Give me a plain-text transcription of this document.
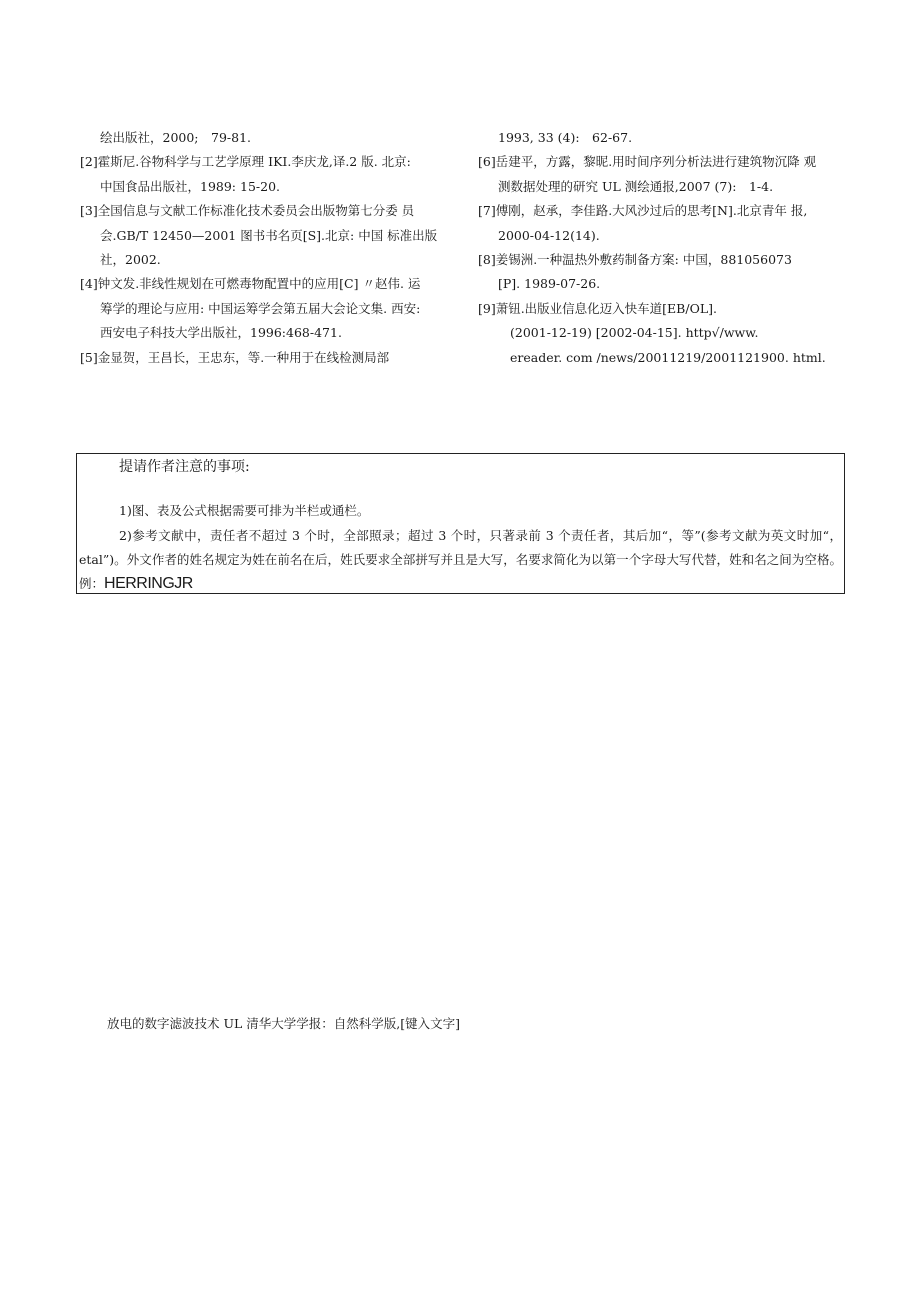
绘出版社，2000;　79-81.
[2]霍斯尼.谷物科学与工艺学原理 IKI.李庆龙,译.2 版. 北京:
中国食品出版社，1989: 15-20.
[3]全国信息与文献工作标准化技术委员会出版物第七分委 员
会.GB/T 12450—2001 图书书名页[S].北京: 中国 标准出版
社，2002.
[4]钟文发.非线性规划在可燃毒物配置中的应用[C] 〃赵伟. 运
筹学的理论与应用: 中国运筹学会第五届大会论文集. 西安:
西安电子科技大学出版社，1996:468-471.
[5]金显贺，王昌长，王忠东，等.一种用于在线检测局部
1993, 33 (4):　62-67.
[6]岳建平，方露，黎昵.用时间序列分析法进行建筑物沉降 观
测数据处理的研究 UL 测绘通报,2007 (7):　1-4.
[7]傅刚，赵承，李佳路.大风沙过后的思考[N].北京青年 报,
2000-04-12(14).
[8]姜锡洲.一种温热外敷药制备方案: 中国，881056073
[P]. 1989-07-26.
[9]萧钮.出版业信息化迈入快车道[EB/OL].
(2001-12-19) [2002-04-15]. http√/www.
ereader. com /news/20011219/2001121900. html.
提请作者注意的事项:
1)图、表及公式根据需要可排为半栏或通栏。
2)参考文献中，责任者不超过 3 个时，全部照录；超过 3 个时，只著录前 3 个责任者，其后加“，等”(参考文献为英文时加“，etal”)。外文作者的姓名规定为姓在前名在后，姓氏要求全部拼写并且是大写，名要求简化为以第一个字母大写代替，姓和名之间为空格。例：HERRINGJR
放电的数字滤波技术 UL 清华大学学报：自然科学版,[键入文字]
